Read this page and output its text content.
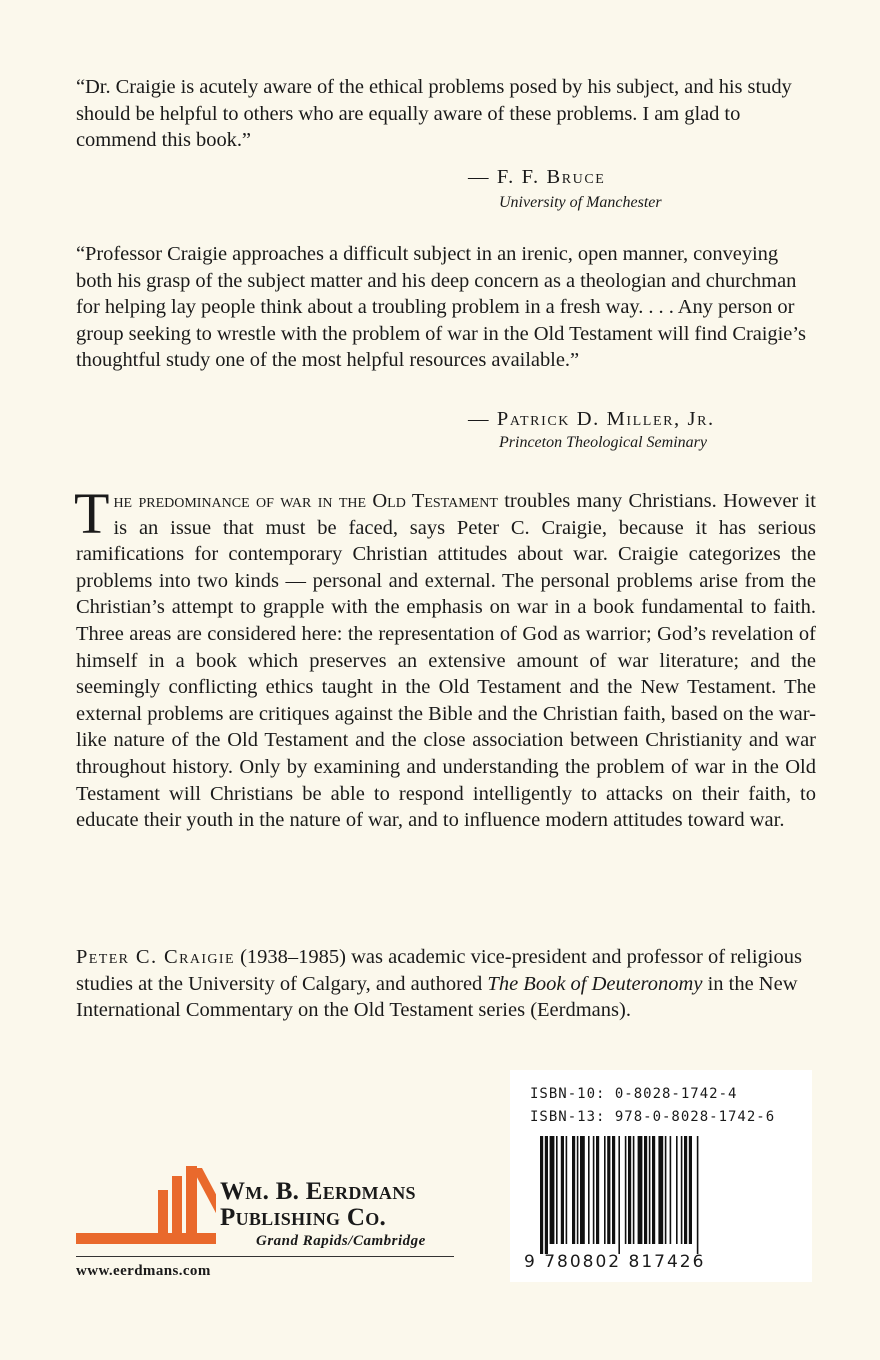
“Dr. Craigie is acutely aware of the ethical problems posed by his subject, and his study should be helpful to others who are equally aware of these problems. I am glad to commend this book.”
— F. F. Bruce
University of Manchester
“Professor Craigie approaches a difficult subject in an irenic, open manner, conveying both his grasp of the subject matter and his deep concern as a theologian and churchman for helping lay people think about a troubling problem in a fresh way. . . . Any person or group seeking to wrestle with the problem of war in the Old Testament will find Craigie’s thoughtful study one of the most helpful resources available.”
— Patrick D. Miller, Jr.
Princeton Theological Seminary
The predominance of war in the Old Testament troubles many Christians. However it is an issue that must be faced, says Peter C. Craigie, because it has serious ramifications for contemporary Christian attitudes about war. Craigie categorizes the problems into two kinds — personal and external. The personal problems arise from the Christian’s attempt to grapple with the emphasis on war in a book fundamental to faith. Three areas are considered here: the representation of God as warrior; God’s revelation of himself in a book which preserves an extensive amount of war literature; and the seemingly conflicting ethics taught in the Old Testament and the New Testament. The external problems are critiques against the Bible and the Christian faith, based on the war-like nature of the Old Testament and the close association between Christianity and war throughout history. Only by examining and understanding the problem of war in the Old Testament will Christians be able to respond intelligently to attacks on their faith, to educate their youth in the nature of war, and to influence modern attitudes toward war.
Peter C. Craigie (1938–1985) was academic vice-president and professor of religious studies at the University of Calgary, and authored The Book of Deuteronomy in the New International Commentary on the Old Testament series (Eerdmans).
ISBN-10: 0-8028-1742-4
ISBN-13: 978-0-8028-1742-6
9 780802 817426
Wm. B. Eerdmans
Publishing Co.
Grand Rapids/Cambridge
www.eerdmans.com
